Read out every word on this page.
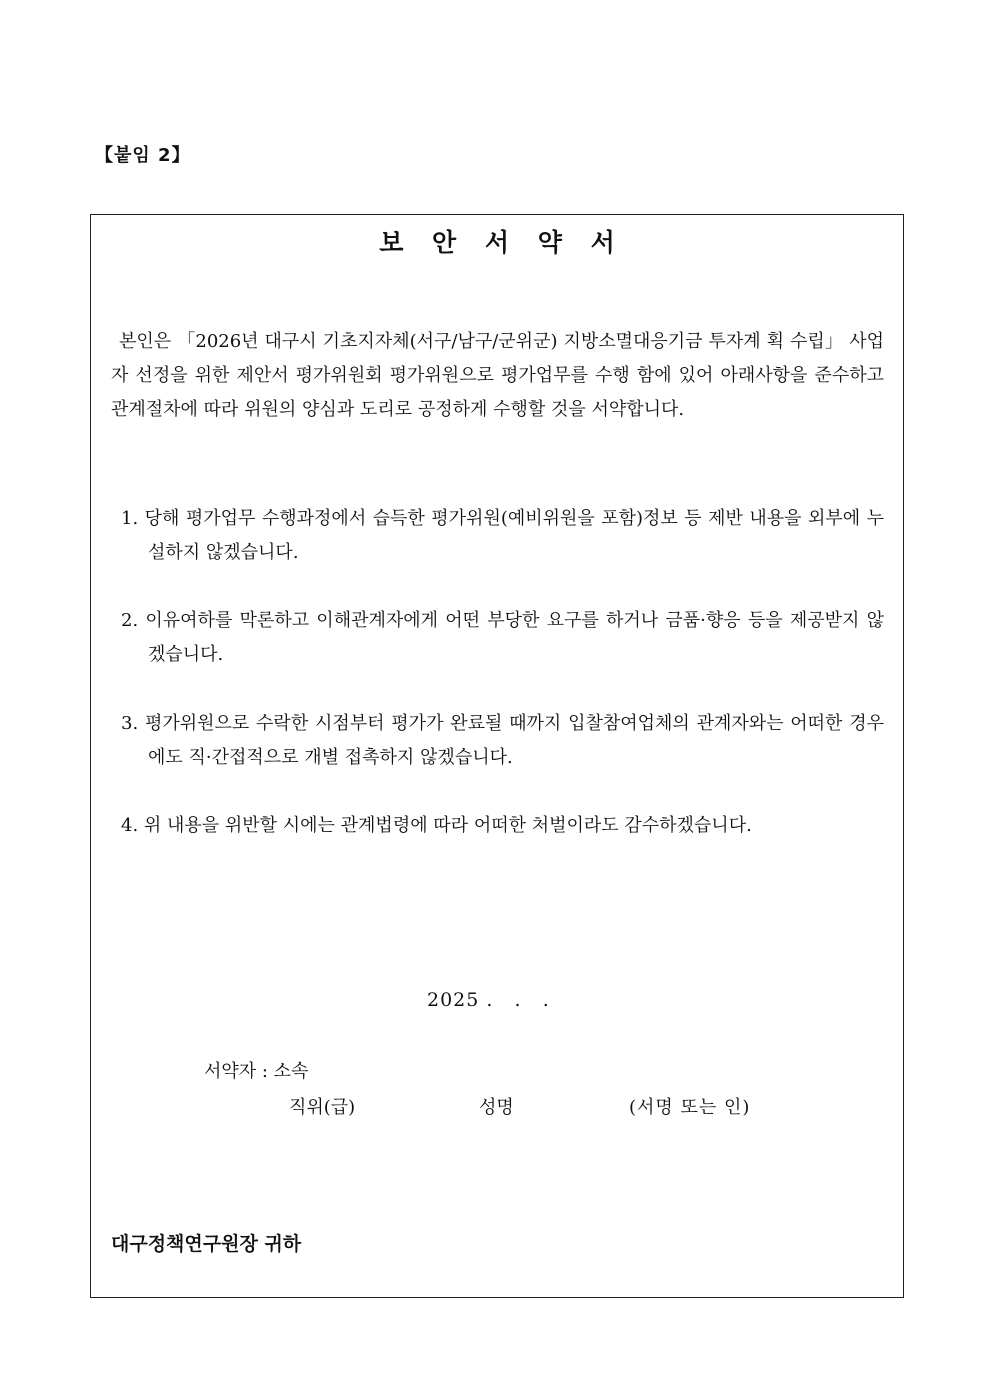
【붙임 2】
보 안 서 약 서

본인은 「2026년 대구시 기초지자체(서구/남구/군위군) 지방소멸대응기금 투자계 획 수립」 사업자 선정을 위한 제안서 평가위원회 평가위원으로 평가업무를 수행 함에 있어 아래사항을 준수하고 관계절차에 따라 위원의 양심과 도리로 공정하게 수행할 것을 서약합니다.

1. 당해 평가업무 수행과정에서 습득한 평가위원(예비위원을 포함)정보 등 제반 내용을 외부에 누설하지 않겠습니다.
2. 이유여하를 막론하고 이해관계자에게 어떤 부당한 요구를 하거나 금품·향응 등을 제공받지 않겠습니다.
3. 평가위원으로 수락한 시점부터 평가가 완료될 때까지 입찰참여업체의 관계자와는 어떠한 경우에도 직·간접적으로 개별 접촉하지 않겠습니다.
4. 위 내용을 위반할 시에는 관계법령에 따라 어떠한 처벌이라도 감수하겠습니다.
2025 .   .   .
서약자 : 소속
직위(급)	성명	(서명 또는 인)
대구정책연구원장 귀하
